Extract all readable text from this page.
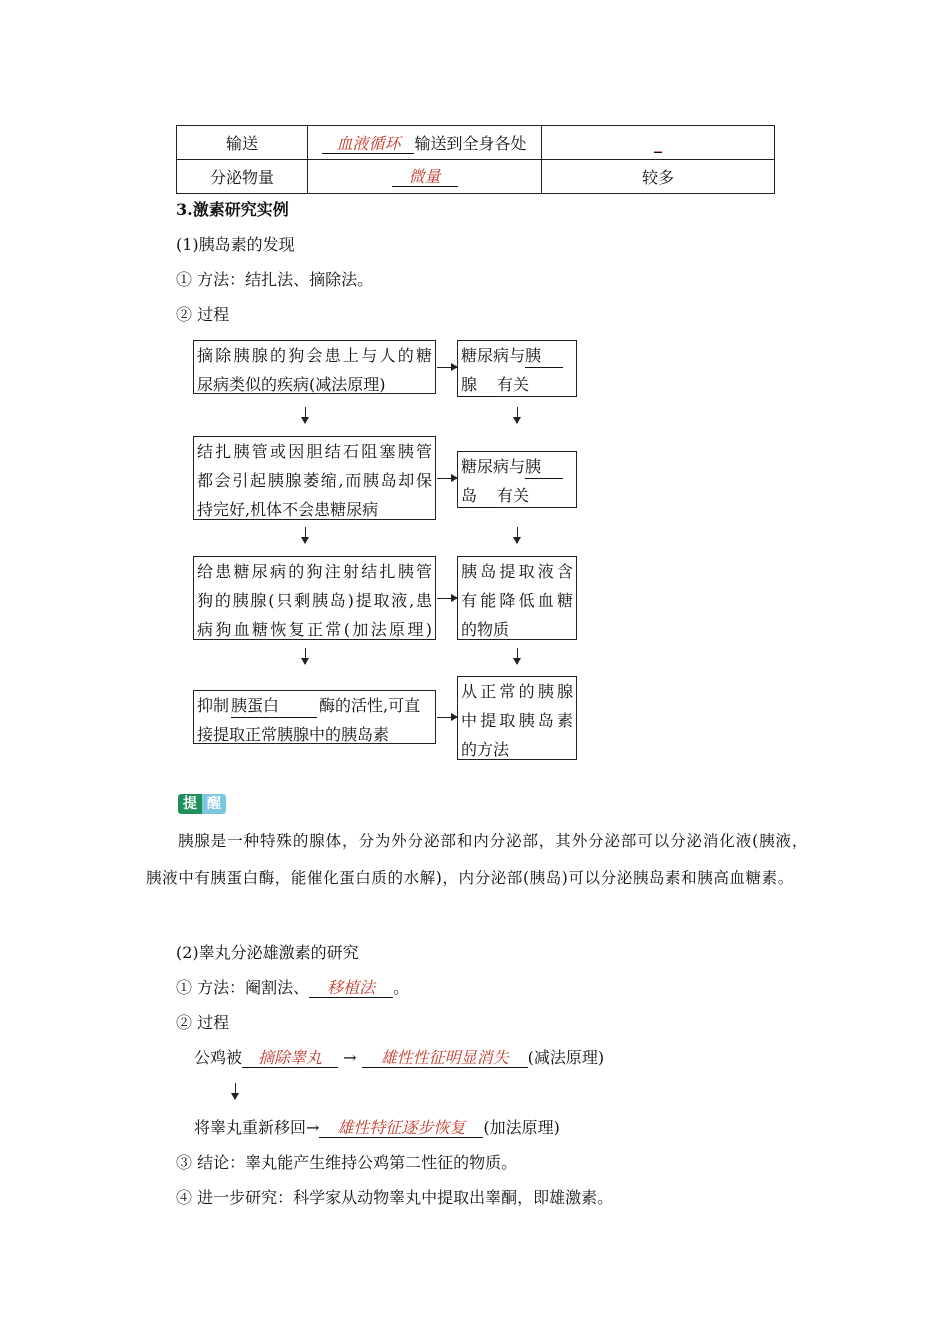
输送	血液循环 输送到全身各处	_
分泌物量	微量	较多
3.激素研究实例
(1)胰岛素的发现
① 方法：结扎法、摘除法。
② 过程
摘除胰腺的狗会患上与人的糖
尿病类似的疾病(减法原理)
糖尿病与胰
腺 有关
结扎胰管或因胆结石阻塞胰管
都会引起胰腺萎缩,而胰岛却保
持完好,机体不会患糖尿病
糖尿病与胰
岛 有关
给患糖尿病的狗注射结扎胰管
狗的胰腺(只剩胰岛)提取液,患
病狗血糖恢复正常(加法原理)
胰岛提取液含
有能降低血糖
的物质
抑制 胰蛋白 酶的活性,可直
接提取正常胰腺中的胰岛素
从正常的胰腺
中提取胰岛素
的方法
提 醒
胰腺是一种特殊的腺体，分为外分泌部和内分泌部，其外分泌部可以分泌消化液(胰液，胰液中有胰蛋白酶，能催化蛋白质的水解)，内分泌部(胰岛)可以分泌胰岛素和胰高血糖素。
(2)睾丸分泌雄激素的研究
① 方法：阉割法、 移植法 。
② 过程
公鸡被 摘除睾丸 → 雄性性征明显消失 (减法原理)
将睾丸重新移回→ 雄性特征逐步恢复 (加法原理)
③ 结论：睾丸能产生维持公鸡第二性征的物质。
④ 进一步研究：科学家从动物睾丸中提取出睾酮，即雄激素。
